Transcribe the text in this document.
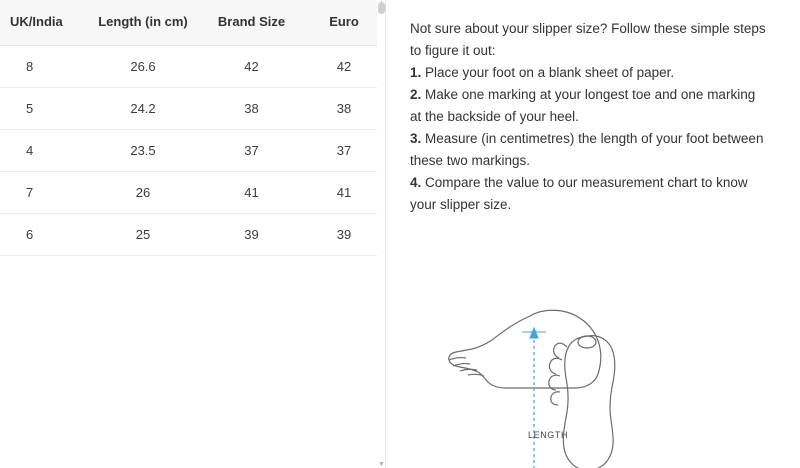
UK/India	Length (in cm)	Brand Size	Euro
8	26.6	42	42
5	24.2	38	38
4	23.5	37	37
7	26	41	41
6	25	39	39
▼

Not sure about your slipper size? Follow these simple steps to figure it out:

1. Place your foot on a blank sheet of paper.

2. Make one marking at your longest toe and one marking at the backside of your heel.

3. Measure (in centimetres) the length of your foot between these two markings.

4. Compare the value to our measurement chart to know your slipper size.

LENGTH
